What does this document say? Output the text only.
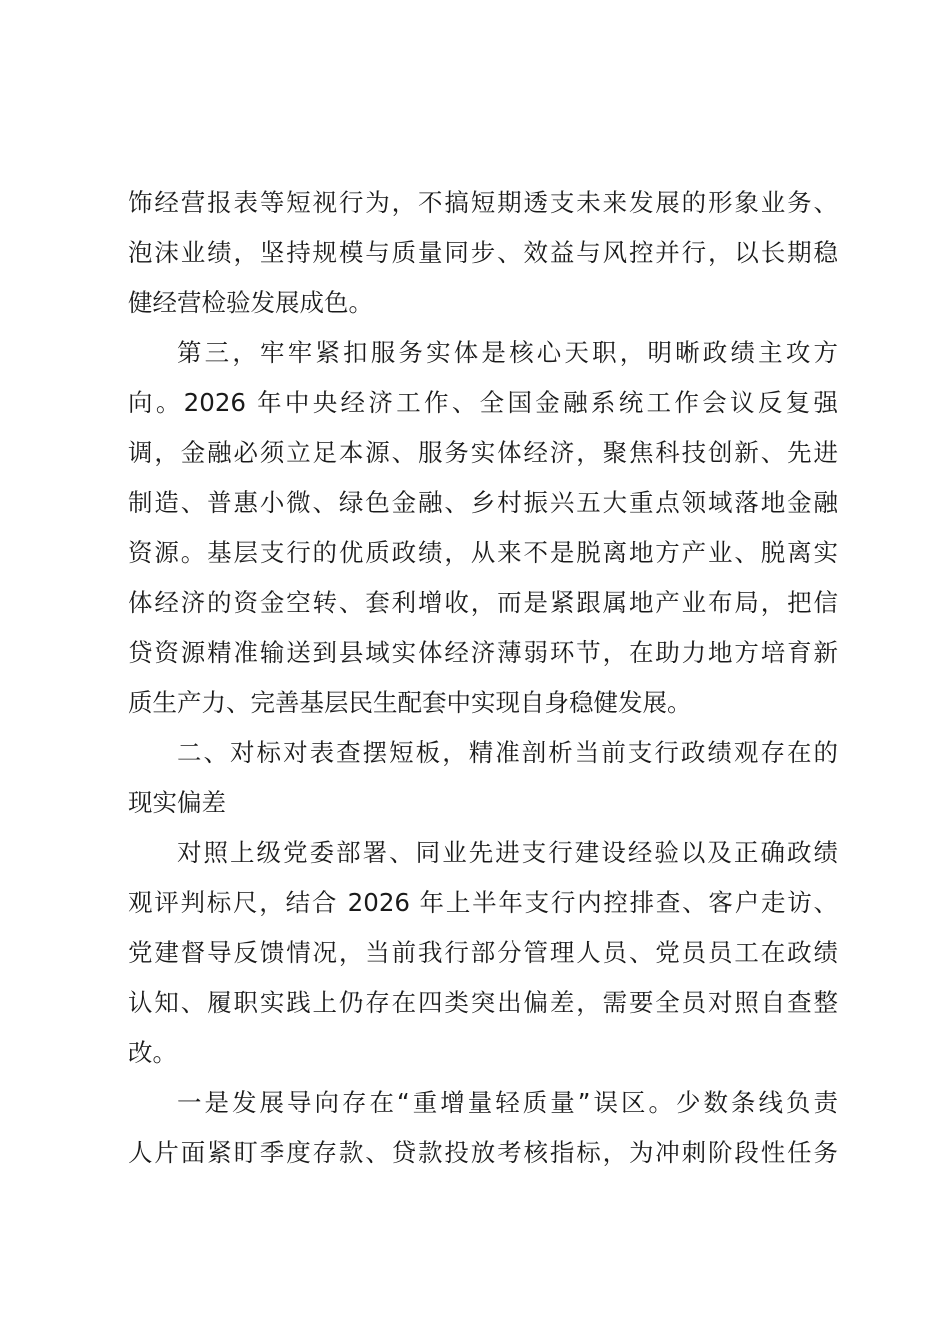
饰经营报表等短视行为，不搞短期透支未来发展的形象业务、
泡沫业绩，坚持规模与质量同步、效益与风控并行，以长期稳
健经营检验发展成色。
第三，牢牢紧扣服务实体是核心天职，明晰政绩主攻方
向。2026 年中央经济工作、全国金融系统工作会议反复强
调，金融必须立足本源、服务实体经济，聚焦科技创新、先进
制造、普惠小微、绿色金融、乡村振兴五大重点领域落地金融
资源。基层支行的优质政绩，从来不是脱离地方产业、脱离实
体经济的资金空转、套利增收，而是紧跟属地产业布局，把信
贷资源精准输送到县域实体经济薄弱环节，在助力地方培育新
质生产力、完善基层民生配套中实现自身稳健发展。
二、对标对表查摆短板，精准剖析当前支行政绩观存在的
现实偏差
对照上级党委部署、同业先进支行建设经验以及正确政绩
观评判标尺，结合 2026 年上半年支行内控排查、客户走访、
党建督导反馈情况，当前我行部分管理人员、党员员工在政绩
认知、履职实践上仍存在四类突出偏差，需要全员对照自查整
改。
一是发展导向存在“重增量轻质量”误区。少数条线负责
人片面紧盯季度存款、贷款投放考核指标，为冲刺阶段性任务
